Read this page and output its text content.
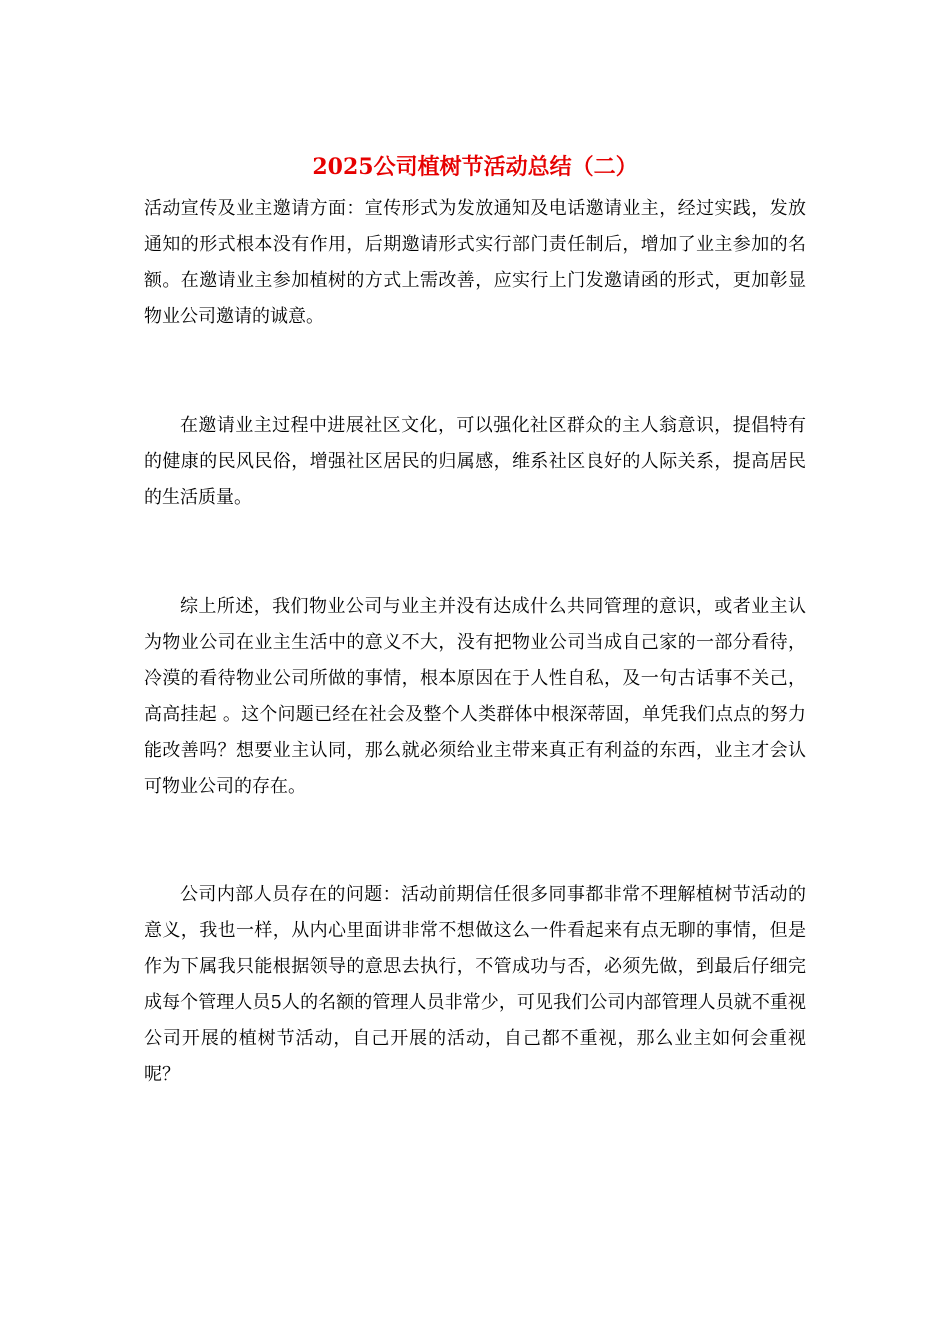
2025公司植树节活动总结（二）

活动宣传及业主邀请方面：宣传形式为发放通知及电话邀请业主，经过实践，发放通知的形式根本没有作用，后期邀请形式实行部门责任制后，增加了业主参加的名额。在邀请业主参加植树的方式上需改善，应实行上门发邀请函的形式，更加彰显物业公司邀请的诚意。

在邀请业主过程中进展社区文化，可以强化社区群众的主人翁意识，提倡特有的健康的民风民俗，增强社区居民的归属感，维系社区良好的人际关系，提高居民的生活质量。

综上所述，我们物业公司与业主并没有达成什么共同管理的意识，或者业主认为物业公司在业主生活中的意义不大，没有把物业公司当成自己家的一部分看待，冷漠的看待物业公司所做的事情，根本原因在于人性自私，及一句古话事不关己，高高挂起 。这个问题已经在社会及整个人类群体中根深蒂固，单凭我们点点的努力能改善吗？想要业主认同，那么就必须给业主带来真正有利益的东西，业主才会认可物业公司的存在。

公司内部人员存在的问题：活动前期信任很多同事都非常不理解植树节活动的意义，我也一样，从内心里面讲非常不想做这么一件看起来有点无聊的事情，但是作为下属我只能根据领导的意思去执行，不管成功与否，必须先做，到最后仔细完成每个管理人员5人的名额的管理人员非常少，可见我们公司内部管理人员就不重视公司开展的植树节活动，自己开展的活动，自己都不重视，那么业主如何会重视呢？
